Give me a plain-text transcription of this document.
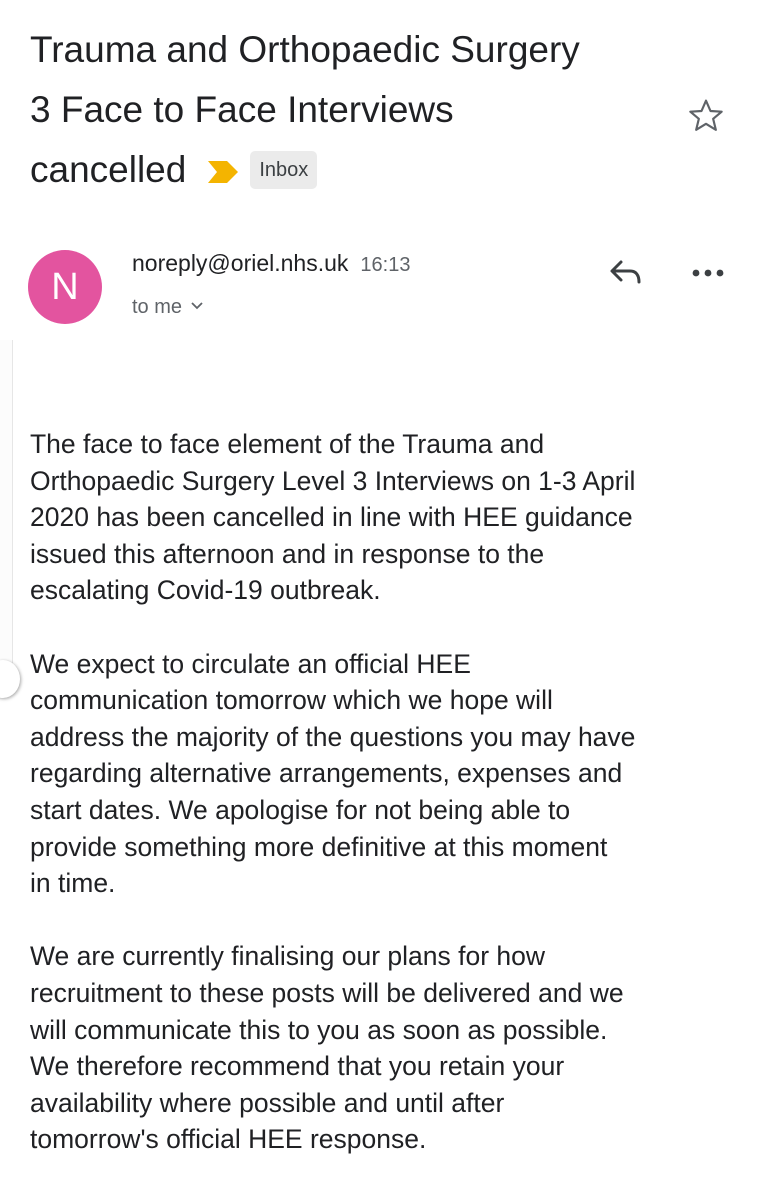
Trauma and Orthopaedic Surgery
3 Face to Face Interviews
cancelled	Inbox
N
noreply@oriel.nhs.uk 16:13
to me

The face to face element of the Trauma and
Orthopaedic Surgery Level 3 Interviews on 1-3 April
2020 has been cancelled in line with HEE guidance
issued this afternoon and in response to the
escalating Covid-19 outbreak.

We expect to circulate an official HEE
communication tomorrow which we hope will
address the majority of the questions you may have
regarding alternative arrangements, expenses and
start dates. We apologise for not being able to
provide something more definitive at this moment
in time.

We are currently finalising our plans for how
recruitment to these posts will be delivered and we
will communicate this to you as soon as possible.
We therefore recommend that you retain your
availability where possible and until after
tomorrow's official HEE response.
